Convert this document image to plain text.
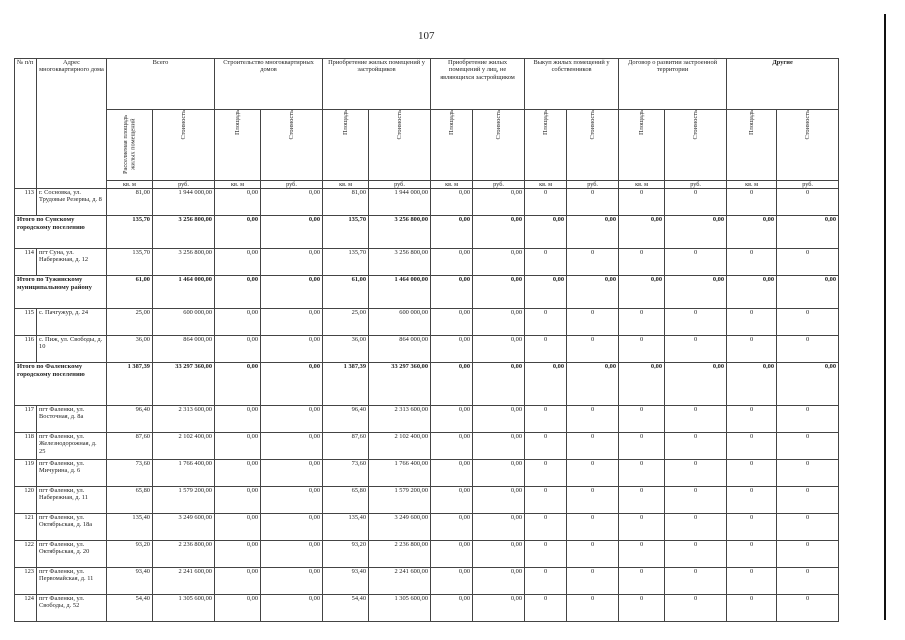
107
№ п/п	Адрес многоквартирного дома	Всего		Строительство многоквартирных домов		Приобретение жилых помещений у застройщиков		Приобретение жилых помещений у лиц, не являющихся застройщиком		Выкуп жилых помещений у собственников		Договор о развитии застроенной территории		Другие	

		Расселяемая площадь жилых помещений	Стоимость	Площадь	Стоимость	Площадь	Стоимость	Площадь	Стоимость	Площадь	Стоимость	Площадь	Стоимость	Площадь	Стоимость

		кв. м	руб.	кв. м	руб.	кв. м	руб.	кв. м	руб.	кв. м	руб.	кв. м	руб.	кв. м	руб.
113	г. Сосновка, ул. Трудовые Резервы, д. 8	81,00	1 944 000,00	0,00	0,00	81,00	1 944 000,00	0,00	0,00	0	0	0	0	0	0
Итого по Сунскому городскому поселению		135,70	3 256 800,00	0,00	0,00	135,70	3 256 800,00	0,00	0,00	0,00	0,00	0,00	0,00	0,00	0,00
114	пгт Суна, ул. Набережная, д. 12	135,70	3 256 800,00	0,00	0,00	135,70	3 256 800,00	0,00	0,00	0	0	0	0	0	0
Итого по Тужинскому муниципальному району		61,00	1 464 000,00	0,00	0,00	61,00	1 464 000,00	0,00	0,00	0,00	0,00	0,00	0,00	0,00	0,00
115	с. Пачгужур, д. 24	25,00	600 000,00	0,00	0,00	25,00	600 000,00	0,00	0,00	0	0	0	0	0	0
116	с. Пиж, ул. Свободы, д. 10	36,00	864 000,00	0,00	0,00	36,00	864 000,00	0,00	0,00	0	0	0	0	0	0
Итого по Фаленскому городскому поселению		1 387,39	33 297 360,00	0,00	0,00	1 387,39	33 297 360,00	0,00	0,00	0,00	0,00	0,00	0,00	0,00	0,00
117	пгт Фаленки, ул. Восточная, д. 8а	96,40	2 313 600,00	0,00	0,00	96,40	2 313 600,00	0,00	0,00	0	0	0	0	0	0
118	пгт Фаленки, ул. Железнодорожная, д. 25	87,60	2 102 400,00	0,00	0,00	87,60	2 102 400,00	0,00	0,00	0	0	0	0	0	0
119	пгт Фаленки, ул. Мичурина, д. 6	73,60	1 766 400,00	0,00	0,00	73,60	1 766 400,00	0,00	0,00	0	0	0	0	0	0
120	пгт Фаленки, ул. Набережная, д. 11	65,80	1 579 200,00	0,00	0,00	65,80	1 579 200,00	0,00	0,00	0	0	0	0	0	0
121	пгт Фаленки, ул. Октябрьская, д. 18а	135,40	3 249 600,00	0,00	0,00	135,40	3 249 600,00	0,00	0,00	0	0	0	0	0	0
122	пгт Фаленки, ул. Октябрьская, д. 20	93,20	2 236 800,00	0,00	0,00	93,20	2 236 800,00	0,00	0,00	0	0	0	0	0	0
123	пгт Фаленки, ул. Первомайская, д. 11	93,40	2 241 600,00	0,00	0,00	93,40	2 241 600,00	0,00	0,00	0	0	0	0	0	0
124	пгт Фаленки, ул. Свободы, д. 52	54,40	1 305 600,00	0,00	0,00	54,40	1 305 600,00	0,00	0,00	0	0	0	0	0	0
